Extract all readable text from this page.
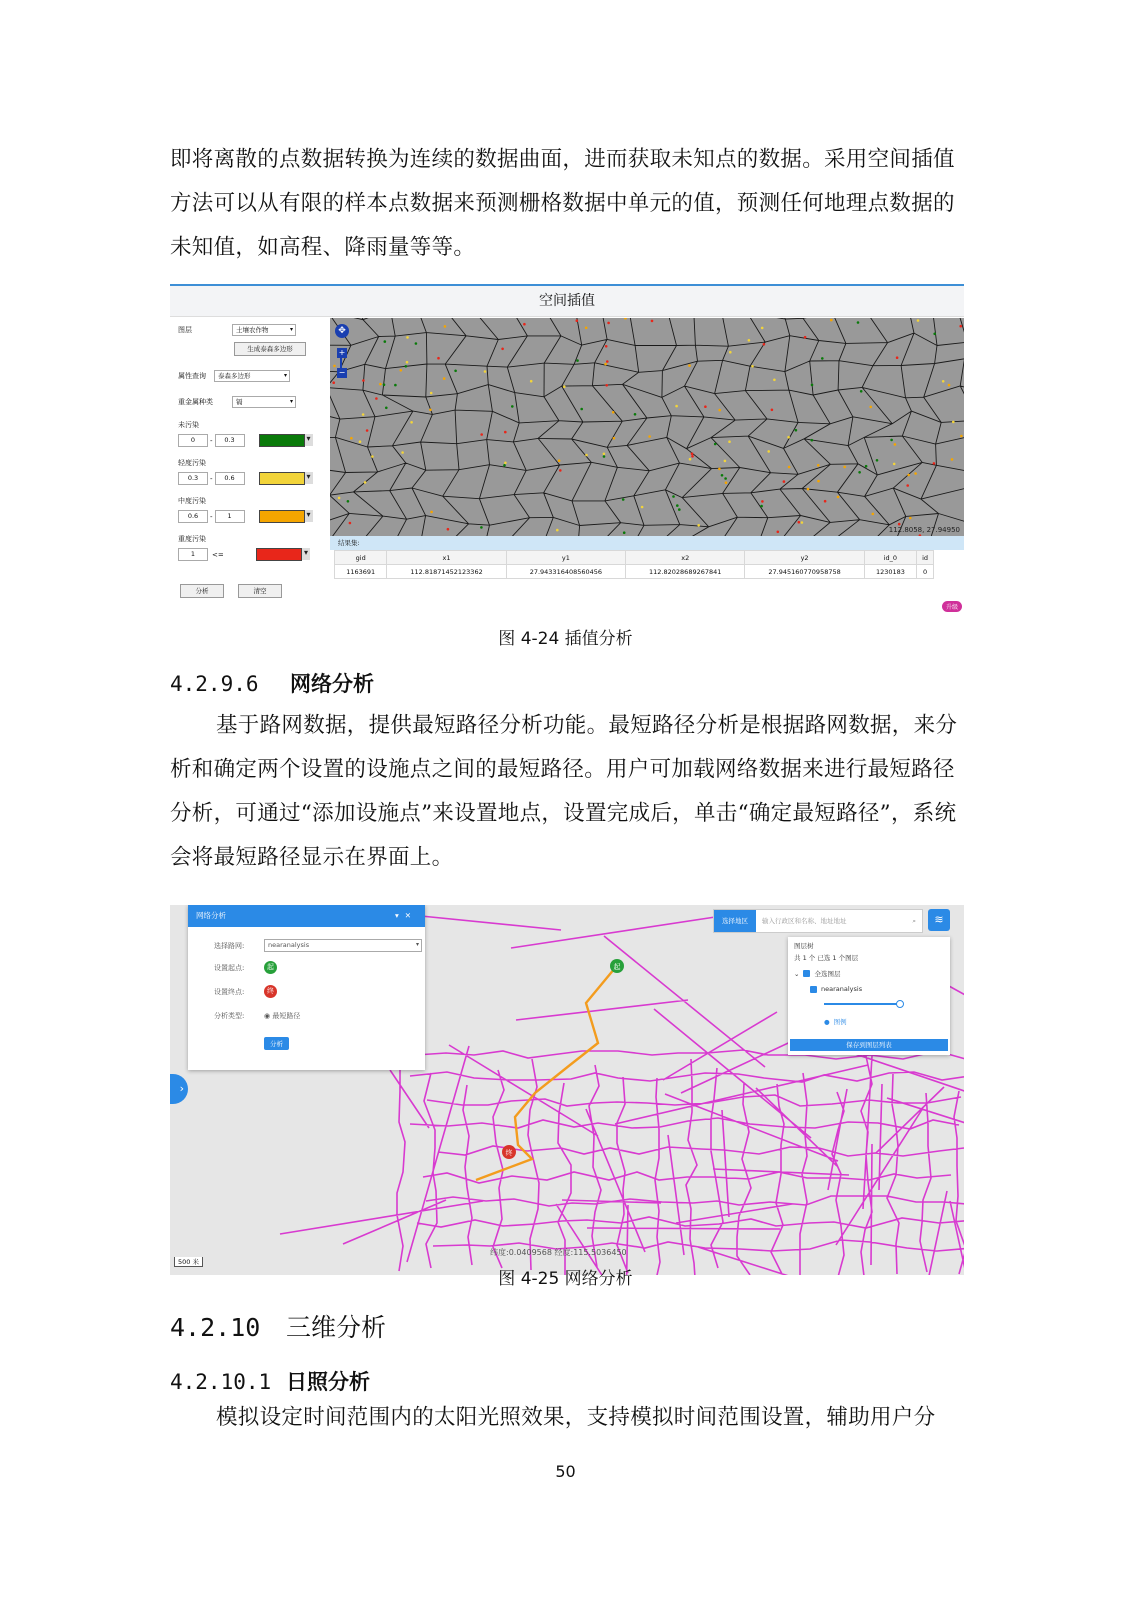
即将离散的点数据转换为连续的数据曲面，进而获取未知点的数据。采用空间插值方法可以从有限的样本点数据来预测栅格数据中单元的值，预测任何地理点数据的未知值，如高程、降雨量等等。

空间插值
图层	土壤农作物 ▾
生成泰森多边形
属性查询	泰森多边形 ▾
重金属种类	镉 ▾
未污染
0	-	0.3
▾
轻度污染
0.3	-	0.6
▾
中度污染
0.6	-	1
▾
重度污染
1	<=
▾
分析	清空
✥
+
−
112.8058, 27.94950
结果集:
gid	x1	y1	x2	y2	id_0	id
1163691	112.81871452123362	27.943316408560456	112.82028689267841	27.945160770958758	1230183	0
升级
图 4-24 插值分析
4.2.9.6 网络分析

基于路网数据，提供最短路径分析功能。最短路径分析是根据路网数据，来分析和确定两个设置的设施点之间的最短路径。用户可加载网络数据来进行最短路径分析，可通过“添加设施点”来设置地点，设置完成后，单击“确定最短路径”，系统会将最短路径显示在界面上。

起
终
网络分析	▾✕
选择路网:	nearanalysis ▾
设置起点:	起
设置终点:	终
分析类型:	◉ 最短路径
分析
选择地区	输入行政区和名称、地址地址	⌕	≋
图层树
共 1 个 已选 1 个图层
⌄ 全选图层
nearanalysis
● 图例
保存到图层列表
›
500 米
纬度:0.0409568 经度:115.5036450
图 4-25 网络分析
4.2.10 三维分析
4.2.10.1 日照分析

模拟设定时间范围内的太阳光照效果，支持模拟时间范围设置，辅助用户分

50
